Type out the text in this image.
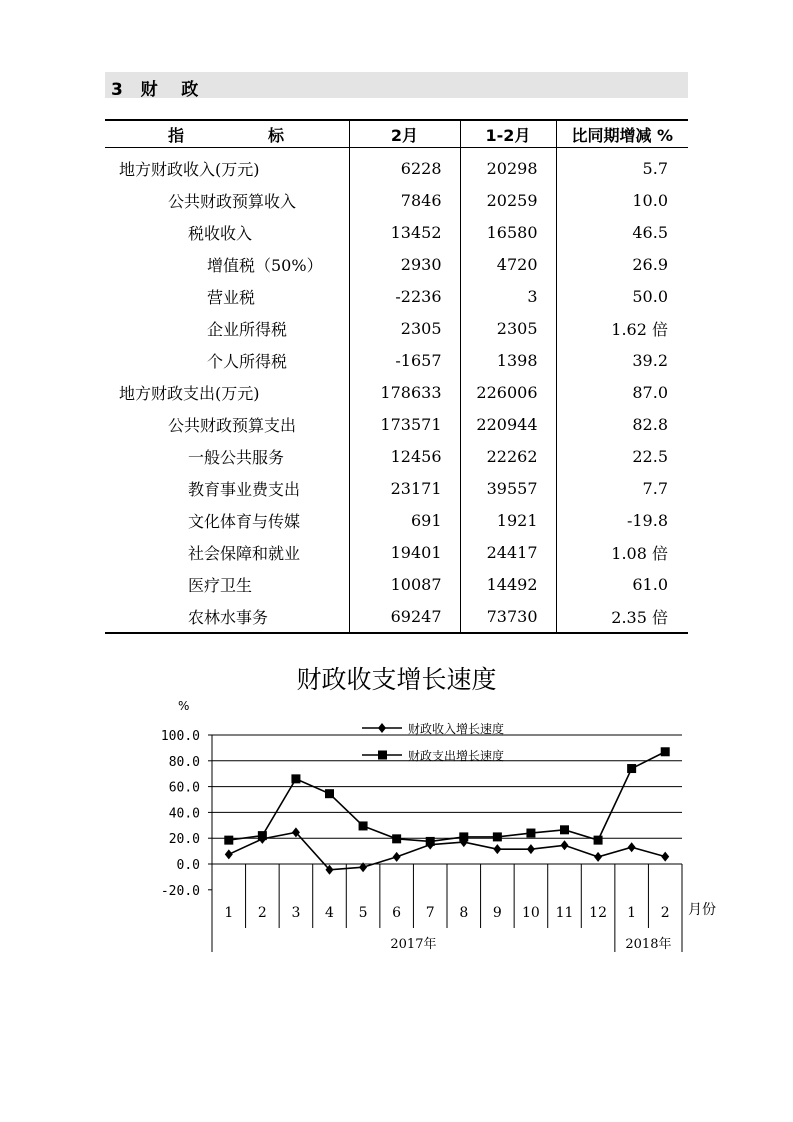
3 财    政
指 标	2月	1-2月	比同期增减 %
地方财政收入(万元)	6228	20298	5.7
公共财政预算收入	7846	20259	10.0
税收收入	13452	16580	46.5
增值税（50%）	2930	4720	26.9
营业税	-2236	3	50.0
企业所得税	2305	2305	1.62 倍
个人所得税	-1657	1398	39.2
地方财政支出(万元)	178633	226006	87.0
公共财政预算支出	173571	220944	82.8
一般公共服务	12456	22262	22.5
教育事业费支出	23171	39557	7.7
文化体育与传媒	691	1921	-19.8
社会保障和就业	19401	24417	1.08 倍
医疗卫生	10087	14492	61.0
农林水事务	69247	73730	2.35 倍
财政收支增长速度
100.0
80.0
60.0
40.0
20.0
0.0
-20.0
%
2017年	2018年
1 2 3 4 5 6 7 8 9 10 11 12 1 2 月份
财政收入增长速度
财政支出增长速度
